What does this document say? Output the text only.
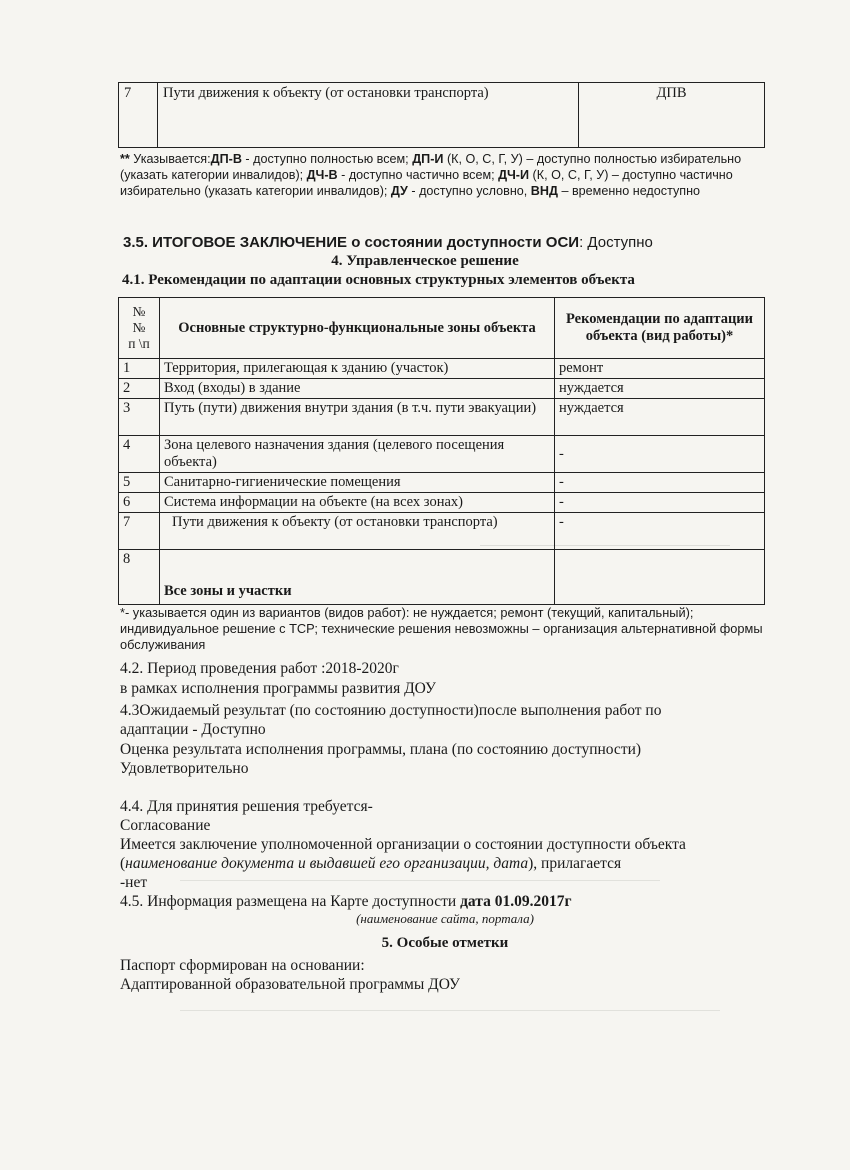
7	Пути движения к объекту (от остановки транспорта)	ДПВ
** Указывается:ДП-В - доступно полностью всем; ДП-И (К, О, С, Г, У) – доступно полностью избирательно (указать категории инвалидов); ДЧ-В - доступно частично всем; ДЧ-И (К, О, С, Г, У) – доступно частично избирательно (указать категории инвалидов); ДУ - доступно условно, ВНД – временно недоступно
3.5. ИТОГОВОЕ ЗАКЛЮЧЕНИЕ о состоянии доступности ОСИ: Доступно
4. Управленческое решение
4.1. Рекомендации по адаптации основных структурных элементов объекта
№
№
п \п	Основные структурно-функциональные зоны объекта	Рекомендации по адаптации объекта (вид работы)*
1	Территория, прилегающая к зданию (участок)	ремонт
2	Вход (входы) в здание	нуждается
3	Путь (пути) движения внутри здания (в т.ч. пути эвакуации)	нуждается
4	Зона целевого назначения здания (целевого посещения объекта)	-
5	Санитарно-гигиенические помещения	-
6	Система информации на объекте (на всех зонах)	-
7	Пути движения к объекту (от остановки транспорта)	-
8	Все зоны и участки	
*- указывается один из вариантов (видов работ): не нуждается; ремонт (текущий, капитальный); индивидуальное решение с ТСР; технические решения невозможны – организация альтернативной формы обслуживания
4.2. Период проведения работ :2018-2020г
в рамках исполнения программы развития ДОУ
4.3Ожидаемый результат (по состоянию доступности)после выполнения работ по
адаптации - Доступно
Оценка результата исполнения программы, плана (по состоянию доступности)
Удовлетворительно
4.4. Для принятия решения требуется-
Согласование
Имеется заключение уполномоченной организации о состоянии доступности объекта
(наименование документа и выдавшей его организации, дата), прилагается
-нет
4.5. Информация размещена на Карте доступности дата 01.09.2017г
(наименование сайта, портала)
5. Особые отметки
Паспорт сформирован на основании:
Адаптированной образовательной программы ДОУ
